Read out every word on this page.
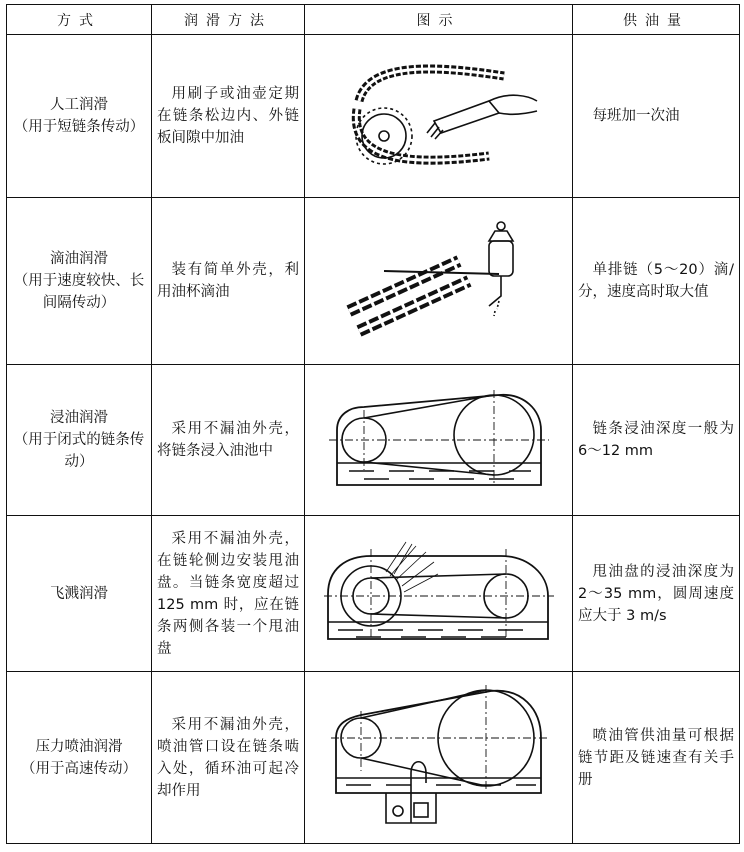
方式	润滑方法	图示	供油量

人工润滑
（用于短链条传动）	用刷子或油壶定期在链条松边内、外链板间隙中加油		每班加一次油

滴油润滑
（用于速度较快、长间隔传动）	装有简单外壳，利用油杯滴油		单排链（5～20）滴/分，速度高时取大值

浸油润滑
（用于闭式的链条传动）	采用不漏油外壳，将链条浸入油池中		链条浸油深度一般为 6～12 mm

飞溅润滑	采用不漏油外壳，在链轮侧边安装甩油盘。当链条宽度超过 125 mm 时，应在链条两侧各装一个甩油盘		甩油盘的浸油深度为 2～35 mm，圆周速度应大于 3 m/s

压力喷油润滑
（用于高速传动）	采用不漏油外壳，喷油管口设在链条啮入处，循环油可起冷却作用		喷油管供油量可根据链节距及链速查有关手册
